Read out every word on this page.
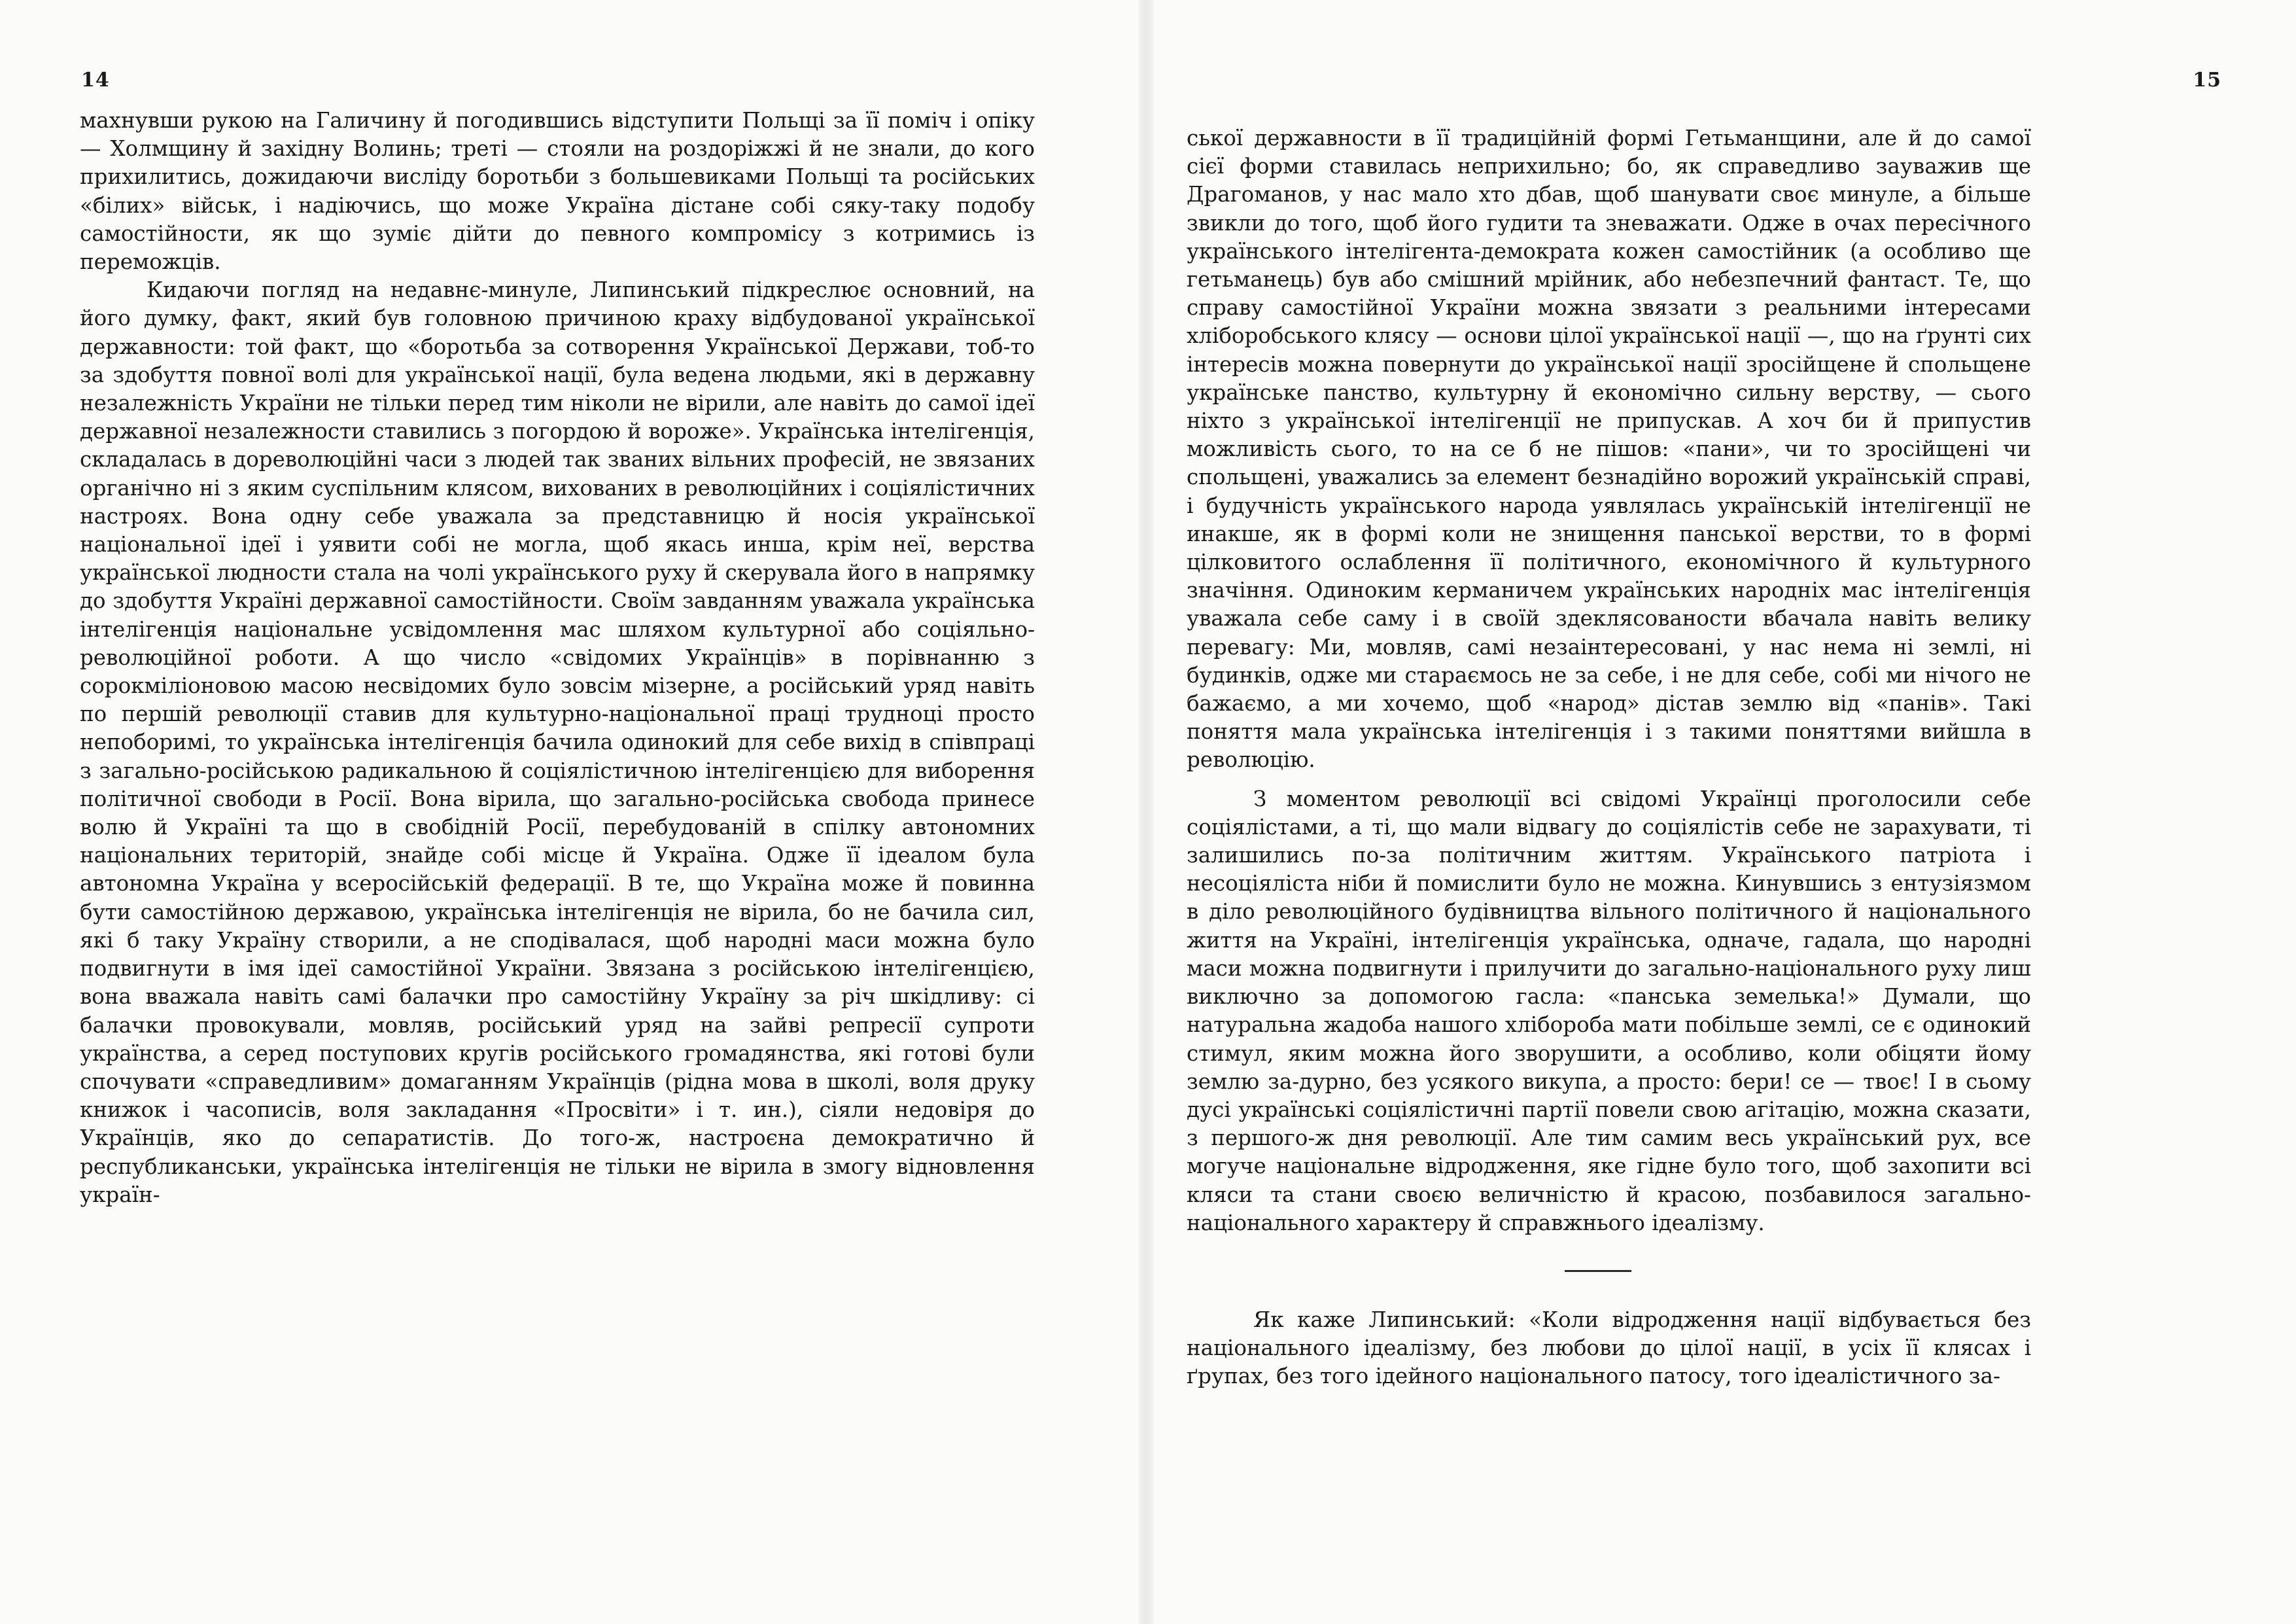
14

махнувши рукою на Галичину й погодившись відступити Польщі за її поміч і опіку — Холмщину й західну Волинь; треті — стояли на роздоріжжі й не знали, до кого прихилитись, дожидаючи висліду боротьби з большевиками Польщі та російських «білих» військ, і надіючись, що може Україна дістане собі сяку-таку подобу самостійности, як що зуміє дійти до певного компромісу з котримись із переможців.

Кидаючи погляд на недавнє-минуле, Липинський підкреслює основний, на його думку, факт, який був головною причиною краху відбудованої української державности: той факт, що «боротьба за сотворення Української Держави, тоб-то за здобуття повної волі для української нації, була ведена людьми, які в державну незалежність України не тільки перед тим ніколи не вірили, але навіть до самої ідеї державної незалежности ставились з погордою й вороже». Українська інтелігенція, складалась в дореволюційні часи з людей так званих вільних професій, не звязаних органічно ні з яким суспільним клясом, вихованих в революційних і соціялістичних настроях. Вона одну себе уважала за представницю й носія української національної ідеї і уявити собі не могла, щоб якась инша, крім неї, верства української людности стала на чолі українського руху й скерувала його в напрямку до здобуття Україні державної самостійности. Своїм завданням уважала українська інтелігенція національне усвідомлення мас шляхом культурної або соціяльно-революційної роботи. А що число «свідомих Українців» в порівнанню з сорокміліоновою масою несвідомих було зовсім мізерне, а російський уряд навіть по першій революції ставив для культурно-національної праці трудноці просто непоборимі, то українська інтелігенція бачила одинокий для себе вихід в співпраці з загально-російською радикальною й соціялістичною інтелігенцією для виборення політичної свободи в Росії. Вона вірила, що загально-російська свобода принесе волю й Україні та що в свобідній Росії, перебудованій в спілку автономних національних територій, знайде собі місце й Україна. Одже її ідеалом була автономна Україна у всеросійській федерації. В те, що Україна може й повинна бути самостійною державою, українська інтелігенція не вірила, бо не бачила сил, які б таку Україну створили, а не сподівалася, щоб народні маси можна було подвигнути в імя ідеї самостійної України. Звязана з російською інтелігенцією, вона вважала навіть самі балачки про самостійну Україну за річ шкідливу: сі балачки провокували, мовляв, російський уряд на зайві репресії супроти українства, а серед поступових кругів російського громадянства, які готові були спочувати «справедливим» домаганням Українців (рідна мова в школі, воля друку книжок і часописів, воля закладання «Просвіти» і т. ин.), сіяли недовіря до Українців, яко до сепаратистів. До того-ж, настроєна демократично й республиканськи, українська інтелігенція не тільки не вірила в змогу відновлення україн-

15

ської державности в її традиційній формі Гетьманщини, але й до самої сієї форми ставилась неприхильно; бо, як справедливо зауважив ще Драгоманов, у нас мало хто дбав, щоб шанувати своє минуле, а більше звикли до того, щоб його гудити та зневажати. Одже в очах пересічного українського інтелігента-демократа кожен самостійник (а особливо ще гетьманець) був або смішний мрійник, або небезпечний фантаст. Те, що справу самостійної України можна звязати з реальними інтересами хліборобського клясу — основи цілої української нації —, що на ґрунті сих інтересів можна повернути до української нації зросійщене й спольщене українське панство, культурну й економічно сильну верству, — сього ніхто з української інтелігенції не припускав. А хоч би й припустив можливість сього, то на се б не пішов: «пани», чи то зросійщені чи спольщені, уважались за елемент безнадійно ворожий українській справі, і будучність українського народа уявлялась українській інтелігенції не инакше, як в формі коли не знищення панської верстви, то в формі цілковитого ослаблення її політичного, економічного й культурного значіння. Одиноким керманичем українських народніх мас інтелігенція уважала себе саму і в своїй здеклясованости вбачала навіть велику перевагу: Ми, мовляв, самі незаінтересовані, у нас нема ні землі, ні будинків, одже ми стараємось не за себе, і не для себе, собі ми нічого не бажаємо, а ми хочемо, щоб «народ» дістав землю від «панів». Такі поняття мала українська інтелігенція і з такими поняттями вийшла в революцію.

З моментом революції всі свідомі Українці проголосили себе соціялістами, а ті, що мали відвагу до соціялістів себе не зарахувати, ті залишились по-за політичним життям. Українського патріота і несоціяліста ніби й помислити було не можна. Кинувшись з ентузіязмом в діло революційного будівництва вільного політичного й національного життя на Україні, інтелігенція українська, одначе, гадала, що народні маси можна подвигнути і прилучити до загально-національного руху лиш виключно за допомогою гасла: «панська земелька!» Думали, що натуральна жадоба нашого хлібороба мати побільше землі, се є одинокий стимул, яким можна його зворушити, а особливо, коли обіцяти йому землю за-дурно, без усякого викупа, а просто: бери! се — твоє! І в сьому дусі українські соціялістичні партії повели свою агітацію, можна сказати, з першого-ж дня революції. Але тим самим весь український рух, все могуче національне відродження, яке гідне було того, щоб захопити всі кляси та стани своєю величністю й красою, позбавилося загально-національного характеру й справжнього ідеалізму.

Як каже Липинський: «Коли відродження нації відбувається без національного ідеалізму, без любови до цілої нації, в усіх її клясах і ґрупах, без того ідейного національного патосу, того ідеалістичного за-
